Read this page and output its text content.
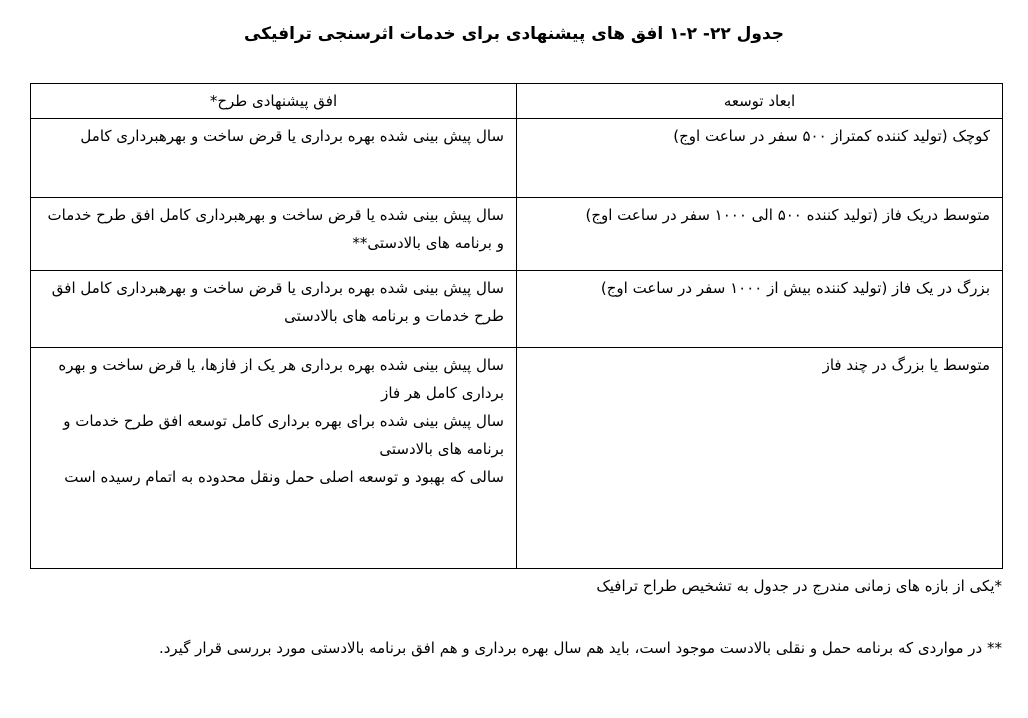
جدول ۲۲- ۲-۱ افق های پیشنهادی برای خدمات اثرسنجی ترافیکی
ابعاد توسعه	افق پیشنهادی طرح*
کوچک (تولید کننده کمتراز ۵۰۰ سفر در ساعت اوج)	سال پیش بینی شده بهره برداری یا قرض ساخت و بهرهبرداری کامل

متوسط دریک فاز (تولید کننده ۵۰۰ الی ۱۰۰۰ سفر در ساعت اوج)	سال پیش بینی شده یا قرض ساخت و بهرهبرداری کامل افق طرح خدمات و برنامه های بالادستی**

بزرگ در یک فاز (تولید کننده بیش از ۱۰۰۰ سفر در ساعت اوج)	سال پیش بینی شده بهره برداری یا قرض ساخت و بهرهبرداری کامل افق طرح خدمات و برنامه های بالادستی

متوسط یا بزرگ در چند فاز	سال پیش بینی شده بهره برداری هر یک از فازها، یا قرض ساخت و بهره برداری کامل هر فاز
سال پیش بینی شده برای بهره برداری کامل توسعه افق طرح خدمات و برنامه های بالادستی
سالی که بهبود و توسعه اصلی حمل ونقل محدوده به اتمام رسیده است
*یکی از بازه های زمانی مندرج در جدول به تشخیص طراح ترافیک
** در مواردی که برنامه حمل و نقلی بالادست موجود است، باید هم سال بهره برداری و هم افق برنامه بالادستی مورد بررسی قرار گیرد.
